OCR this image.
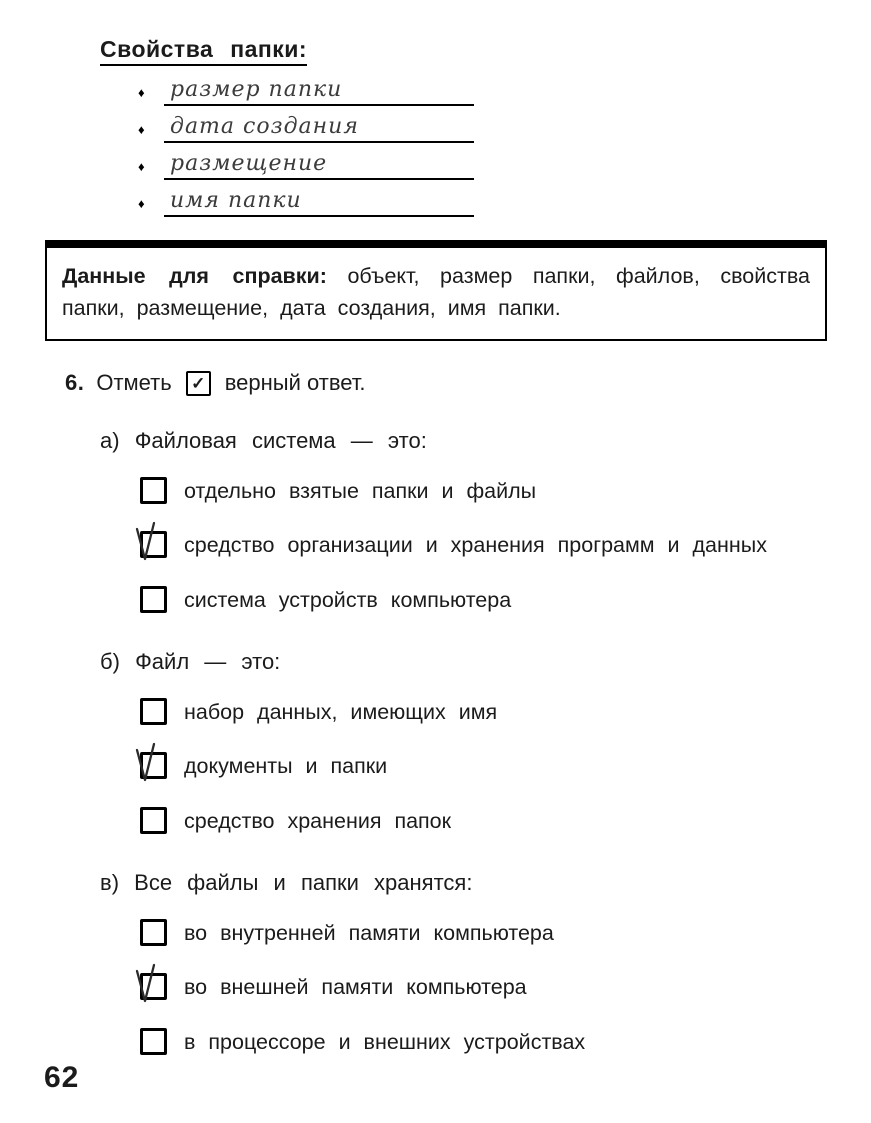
Свойства папки:
♦	размер папки
♦	дата создания
♦	размещение
♦	имя папки
Данные для справки: объект, размер папки, файлов, свойства папки, размещение, дата создания, имя папки.
6. Отметь	✓ верный ответ.
а) Файловая система — это:
отдельно взятые папки и файлы
средство организации и хранения программ и данных
система устройств компьютера
б) Файл — это:
набор данных, имеющих имя
документы и папки
средство хранения папок
в) Все файлы и папки хранятся:
во внутренней памяти компьютера
во внешней памяти компьютера
в процессоре и внешних устройствах
62
